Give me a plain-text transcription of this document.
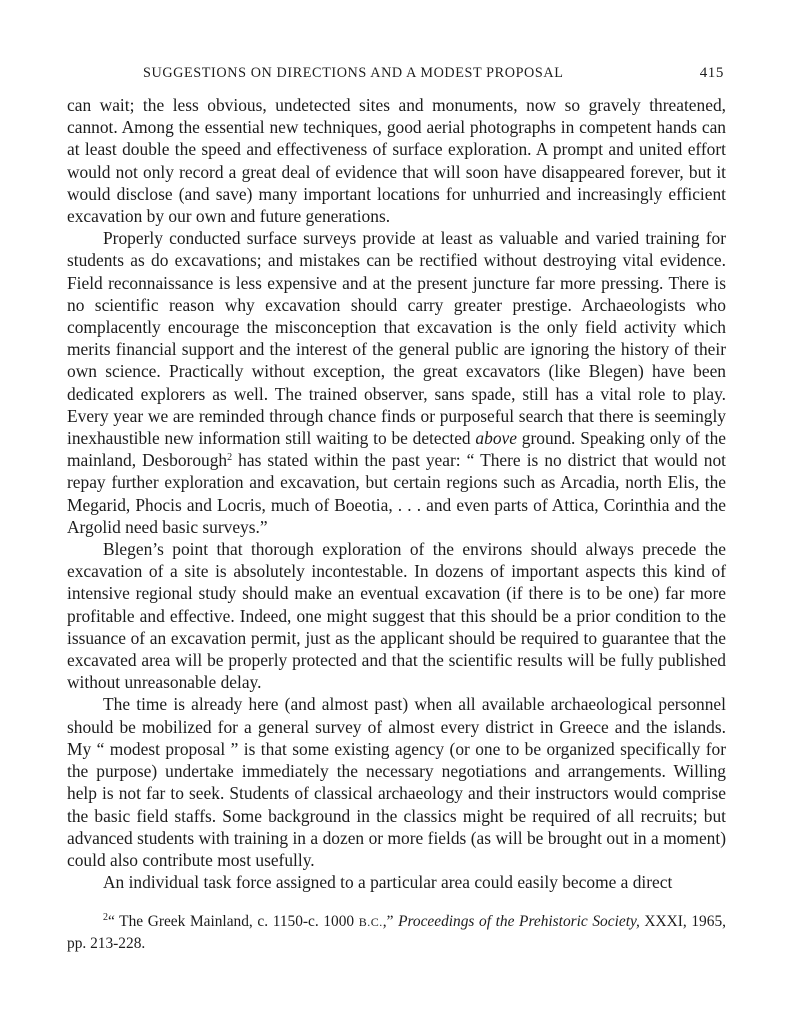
SUGGESTIONS ON DIRECTIONS AND A MODEST PROPOSAL	415

can wait; the less obvious, undetected sites and monuments, now so gravely threatened, cannot. Among the essential new techniques, good aerial photographs in competent hands can at least double the speed and effectiveness of surface exploration. A prompt and united effort would not only record a great deal of evidence that will soon have disappeared forever, but it would disclose (and save) many important locations for unhurried and increasingly efficient excavation by our own and future generations.

Properly conducted surface surveys provide at least as valuable and varied training for students as do excavations; and mistakes can be rectified without destroying vital evidence. Field reconnaissance is less expensive and at the present juncture far more pressing. There is no scientific reason why excavation should carry greater prestige. Archaeologists who complacently encourage the misconception that excavation is the only field activity which merits financial support and the interest of the general public are ignoring the history of their own science. Practically without exception, the great excavators (like Blegen) have been dedicated explorers as well. The trained observer, sans spade, still has a vital role to play. Every year we are reminded through chance finds or purposeful search that there is seemingly inexhaustible new information still waiting to be detected above ground. Speaking only of the mainland, Desborough$^2$ has stated within the past year: “ There is no district that would not repay further exploration and excavation, but certain regions such as Arcadia, north Elis, the Megarid, Phocis and Locris, much of Boeotia, . . . and even parts of Attica, Corinthia and the Argolid need basic surveys.”

Blegen’s point that thorough exploration of the environs should always precede the excavation of a site is absolutely incontestable. In dozens of important aspects this kind of intensive regional study should make an eventual excavation (if there is to be one) far more profitable and effective. Indeed, one might suggest that this should be a prior condition to the issuance of an excavation permit, just as the applicant should be required to guarantee that the excavated area will be properly protected and that the scientific results will be fully published without unreasonable delay.

The time is already here (and almost past) when all available archaeological personnel should be mobilized for a general survey of almost every district in Greece and the islands. My “ modest proposal ” is that some existing agency (or one to be organized specifically for the purpose) undertake immediately the necessary negotiations and arrangements. Willing help is not far to seek. Students of classical archaeology and their instructors would comprise the basic field staffs. Some background in the classics might be required of all recruits; but advanced students with training in a dozen or more fields (as will be brought out in a moment) could also contribute most usefully.

An individual task force assigned to a particular area could easily become a direct

$^2$“ The Greek Mainland, c. 1150-c. 1000 B.C.,” Proceedings of the Prehistoric Society, XXXI, 1965, pp. 213-228.
